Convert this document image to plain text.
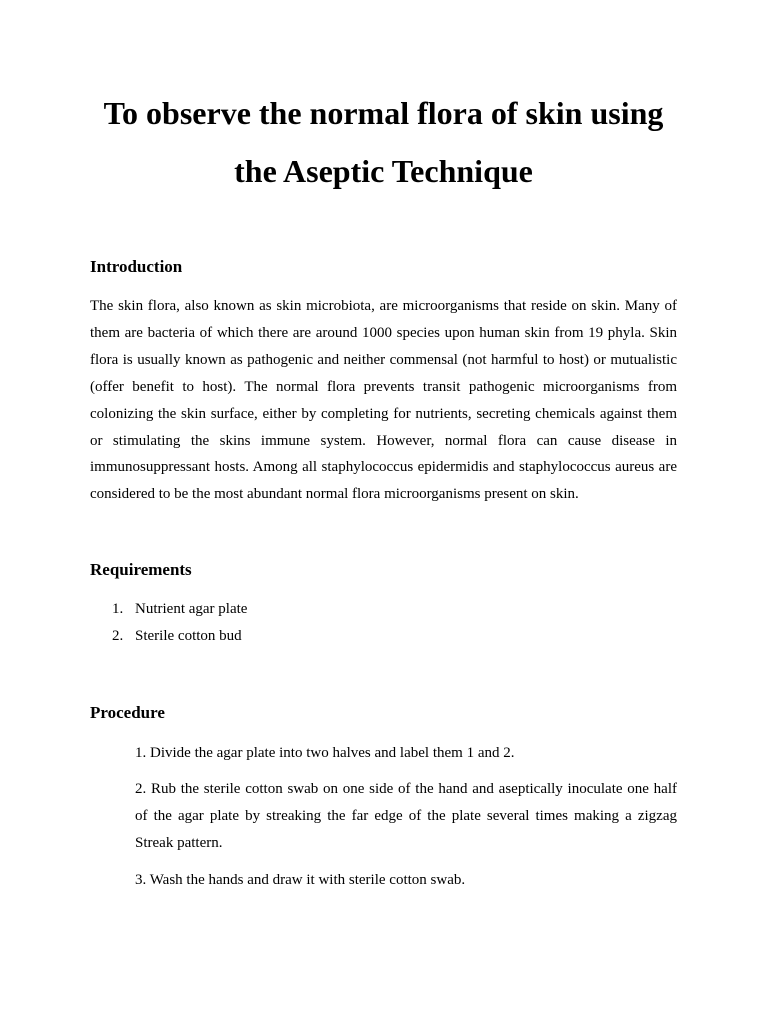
To observe the normal flora of skin using the Aseptic Technique
Introduction

The skin flora, also known as skin microbiota, are microorganisms that reside on skin. Many of them are bacteria of which there are around 1000 species upon human skin from 19 phyla. Skin flora is usually known as pathogenic and neither commensal (not harmful to host) or mutualistic (offer benefit to host). The normal flora prevents transit pathogenic microorganisms from colonizing the skin surface, either by completing for nutrients, secreting chemicals against them or stimulating the skins immune system. However, normal flora can cause disease in immunosuppressant hosts. Among all staphylococcus epidermidis and staphylococcus aureus are considered to be the most abundant normal flora microorganisms present on skin.

Requirements
1. Nutrient agar plate
2. Sterile cotton bud
Procedure

1. Divide the agar plate into two halves and label them 1 and 2.

2. Rub the sterile cotton swab on one side of the hand and aseptically inoculate one half of the agar plate by streaking the far edge of the plate several times making a zigzag Streak pattern.

3. Wash the hands and draw it with sterile cotton swab.
